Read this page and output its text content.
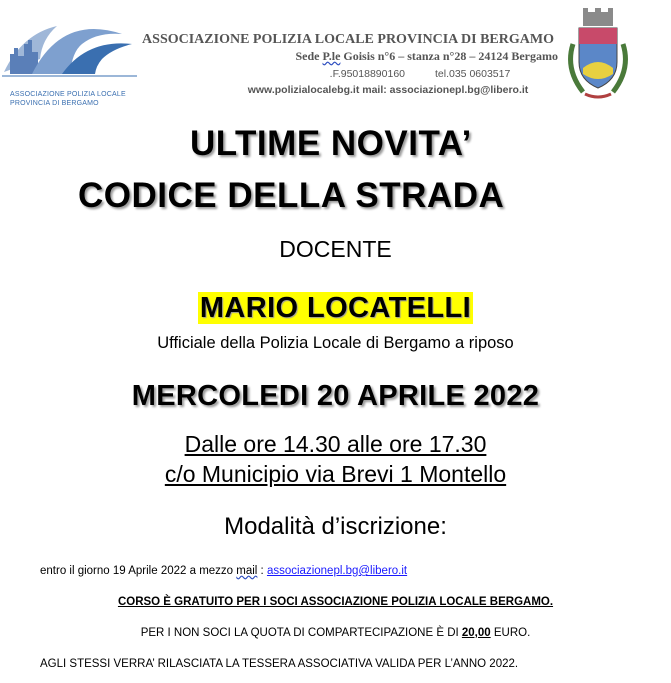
ASSOCIAZIONE POLIZIA LOCALE
PROVINCIA DI BERGAMO
ASSOCIAZIONE POLIZIA LOCALE PROVINCIA DI BERGAMO
Sede P.le Goisis n°6 – stanza n°28 – 24124 Bergamo
.F.95018890160	tel.035 0603517
www.polizialocalebg.it mail: associazionepl.bg@libero.it
ULTIME NOVITA’
CODICE DELLA STRADA
DOCENTE
MARIO LOCATELLI
Ufficiale della Polizia Locale di Bergamo a riposo
MERCOLEDI 20 APRILE 2022
Dalle ore 14.30 alle ore 17.30
c/o Municipio via Brevi 1 Montello
Modalità d’iscrizione:
entro il giorno 19 Aprile 2022 a mezzo mail : associazionepl.bg@libero.it
CORSO È GRATUITO PER I SOCI ASSOCIAZIONE POLIZIA LOCALE BERGAMO.
PER I NON SOCI LA QUOTA DI COMPARTECIPAZIONE È DI 20,00 EURO.
AGLI STESSI VERRA’ RILASCIATA LA TESSERA ASSOCIATIVA VALIDA PER L’ANNO 2022.
